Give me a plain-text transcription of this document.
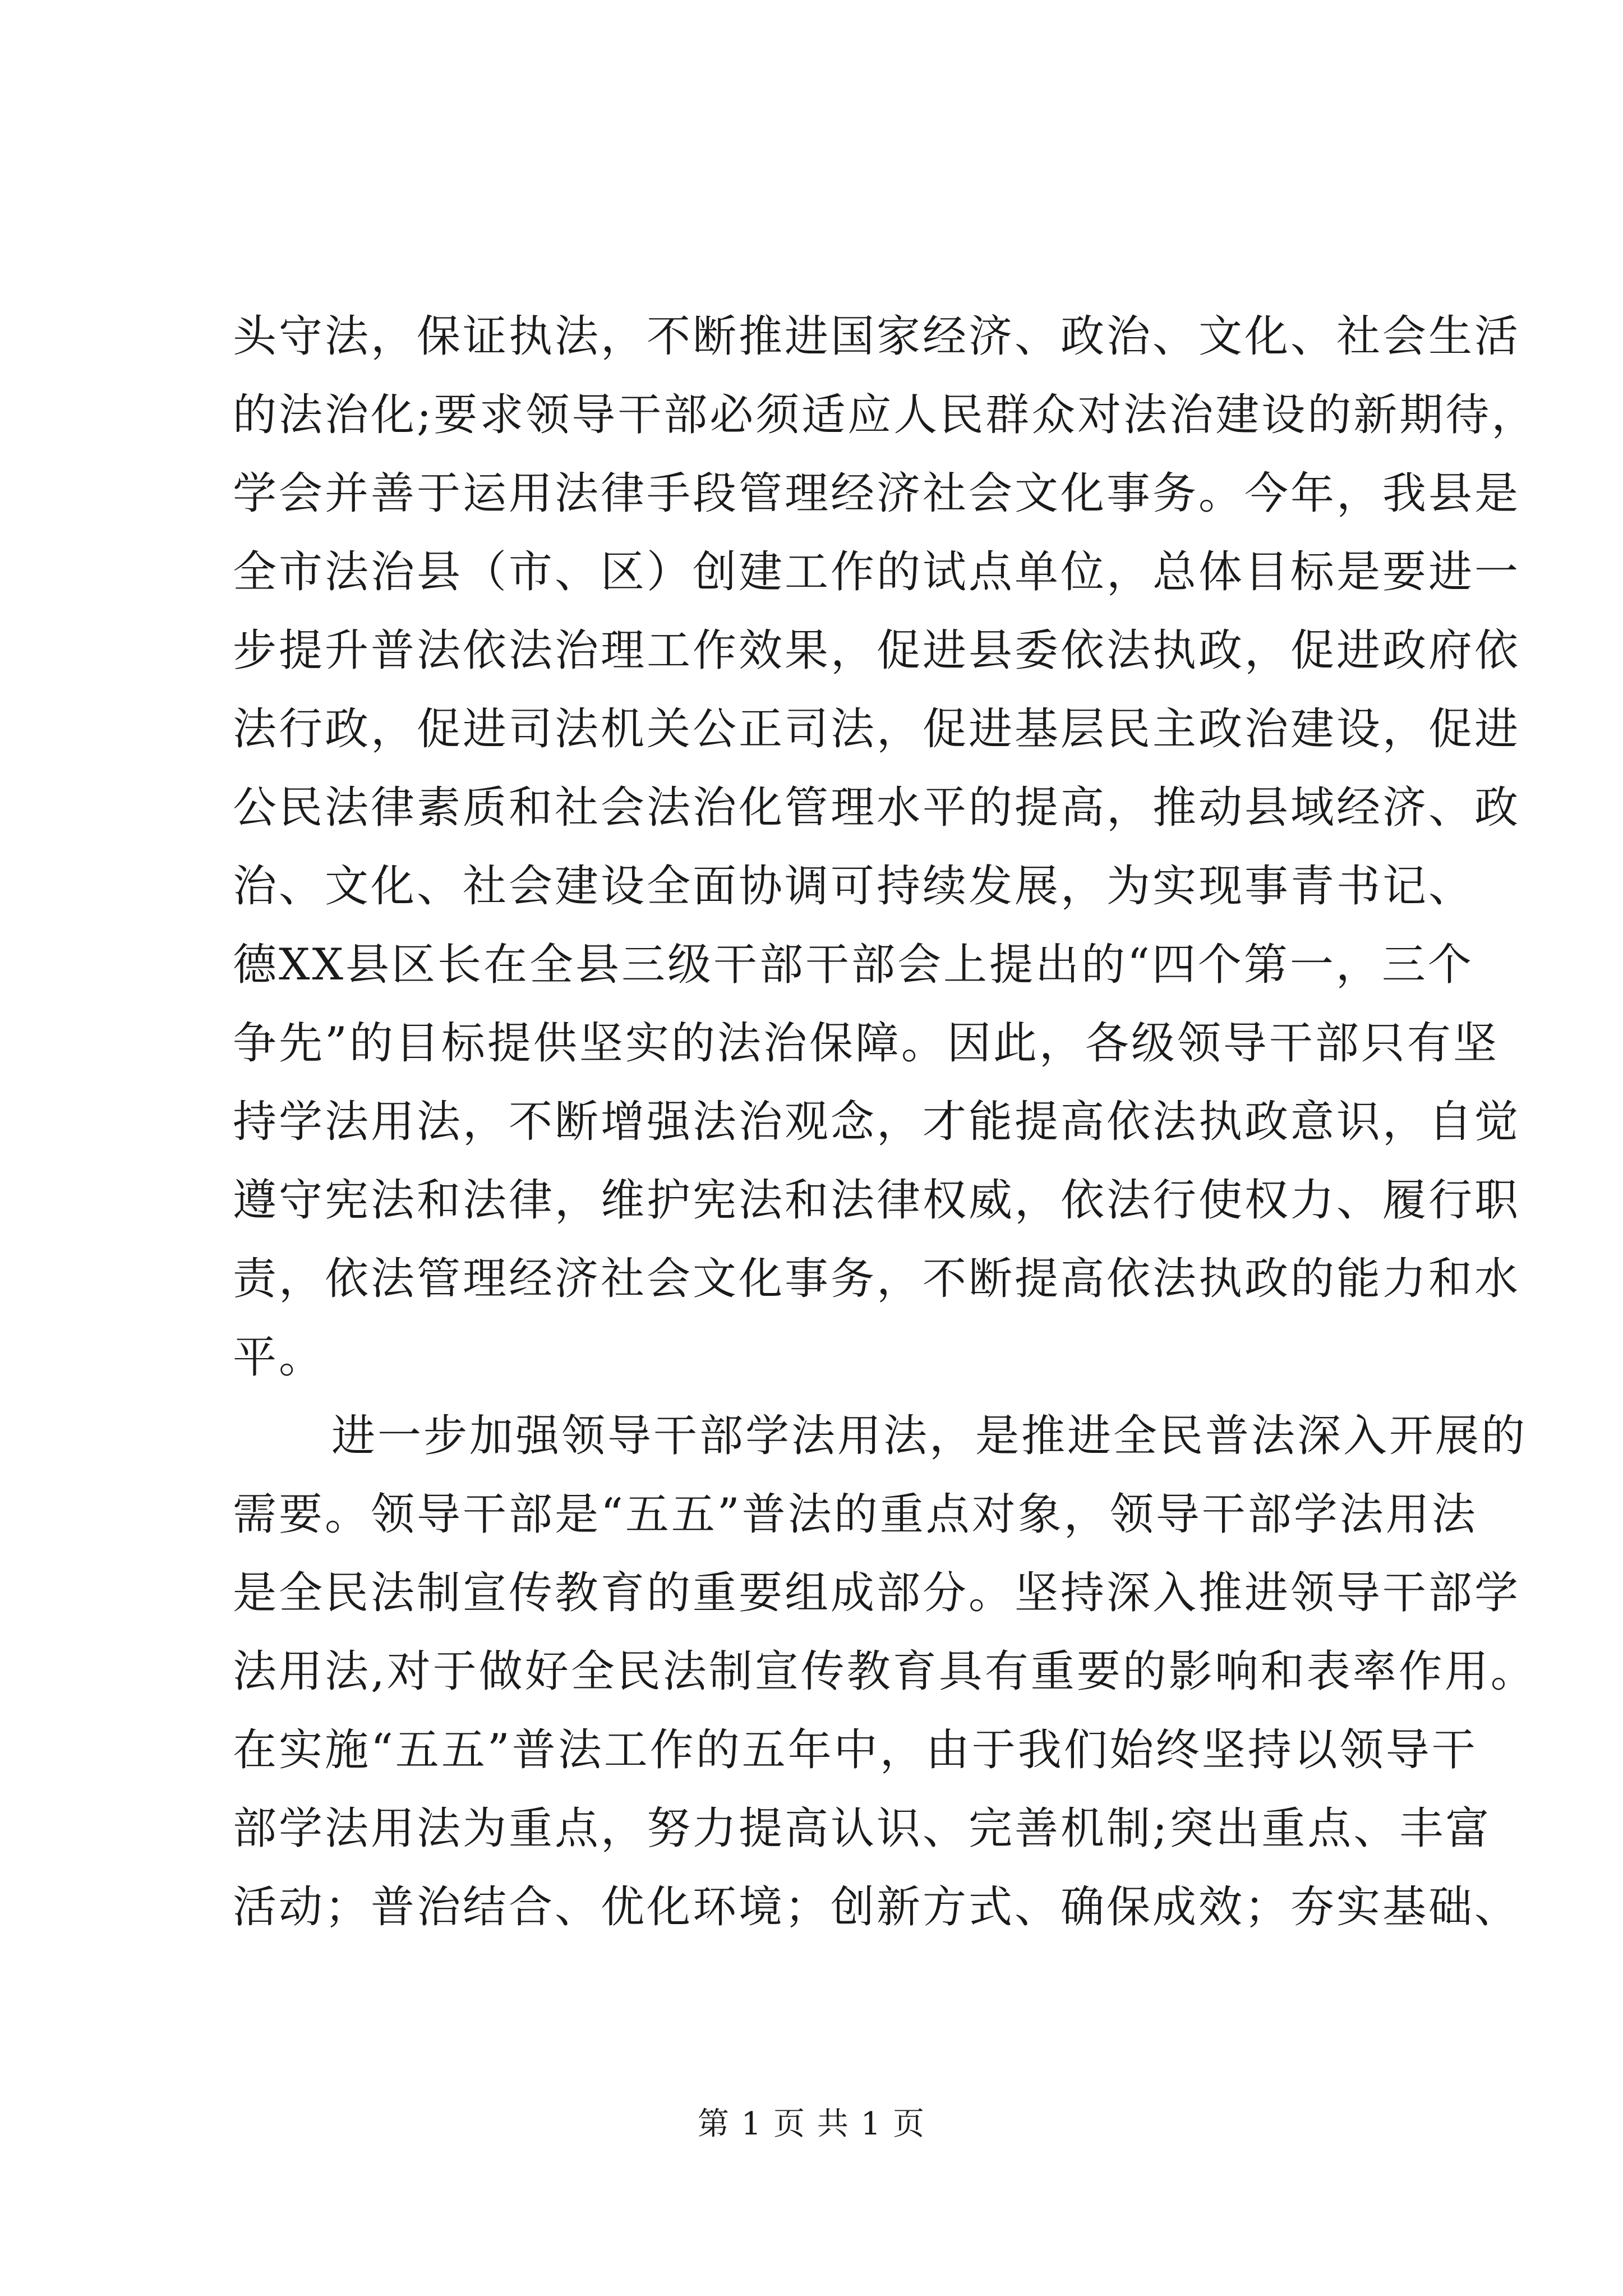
头守法，保证执法，不断推进国家经济、政治、文化、社会生活
的法治化;要求领导干部必须适应人民群众对法治建设的新期待，
学会并善于运用法律手段管理经济社会文化事务。今年，我县是
全市法治县（市、区）创建工作的试点单位，总体目标是要进一
步提升普法依法治理工作效果，促进县委依法执政，促进政府依
法行政，促进司法机关公正司法，促进基层民主政治建设，促进
公民法律素质和社会法治化管理水平的提高，推动县域经济、政
治、文化、社会建设全面协调可持续发展，为实现事青书记、
德XX县区长在全县三级干部干部会上提出的“四个第一，三个
争先”的目标提供坚实的法治保障。因此，各级领导干部只有坚
持学法用法，不断增强法治观念，才能提高依法执政意识，自觉
遵守宪法和法律，维护宪法和法律权威，依法行使权力、履行职
责，依法管理经济社会文化事务，不断提高依法执政的能力和水
平。
进一步加强领导干部学法用法，是推进全民普法深入开展的
需要。领导干部是“五五”普法的重点对象，领导干部学法用法
是全民法制宣传教育的重要组成部分。坚持深入推进领导干部学
法用法,对于做好全民法制宣传教育具有重要的影响和表率作用。
在实施“五五”普法工作的五年中，由于我们始终坚持以领导干
部学法用法为重点，努力提高认识、完善机制;突出重点、丰富
活动；普治结合、优化环境；创新方式、确保成效；夯实基础、
第 1 页 共 1 页
